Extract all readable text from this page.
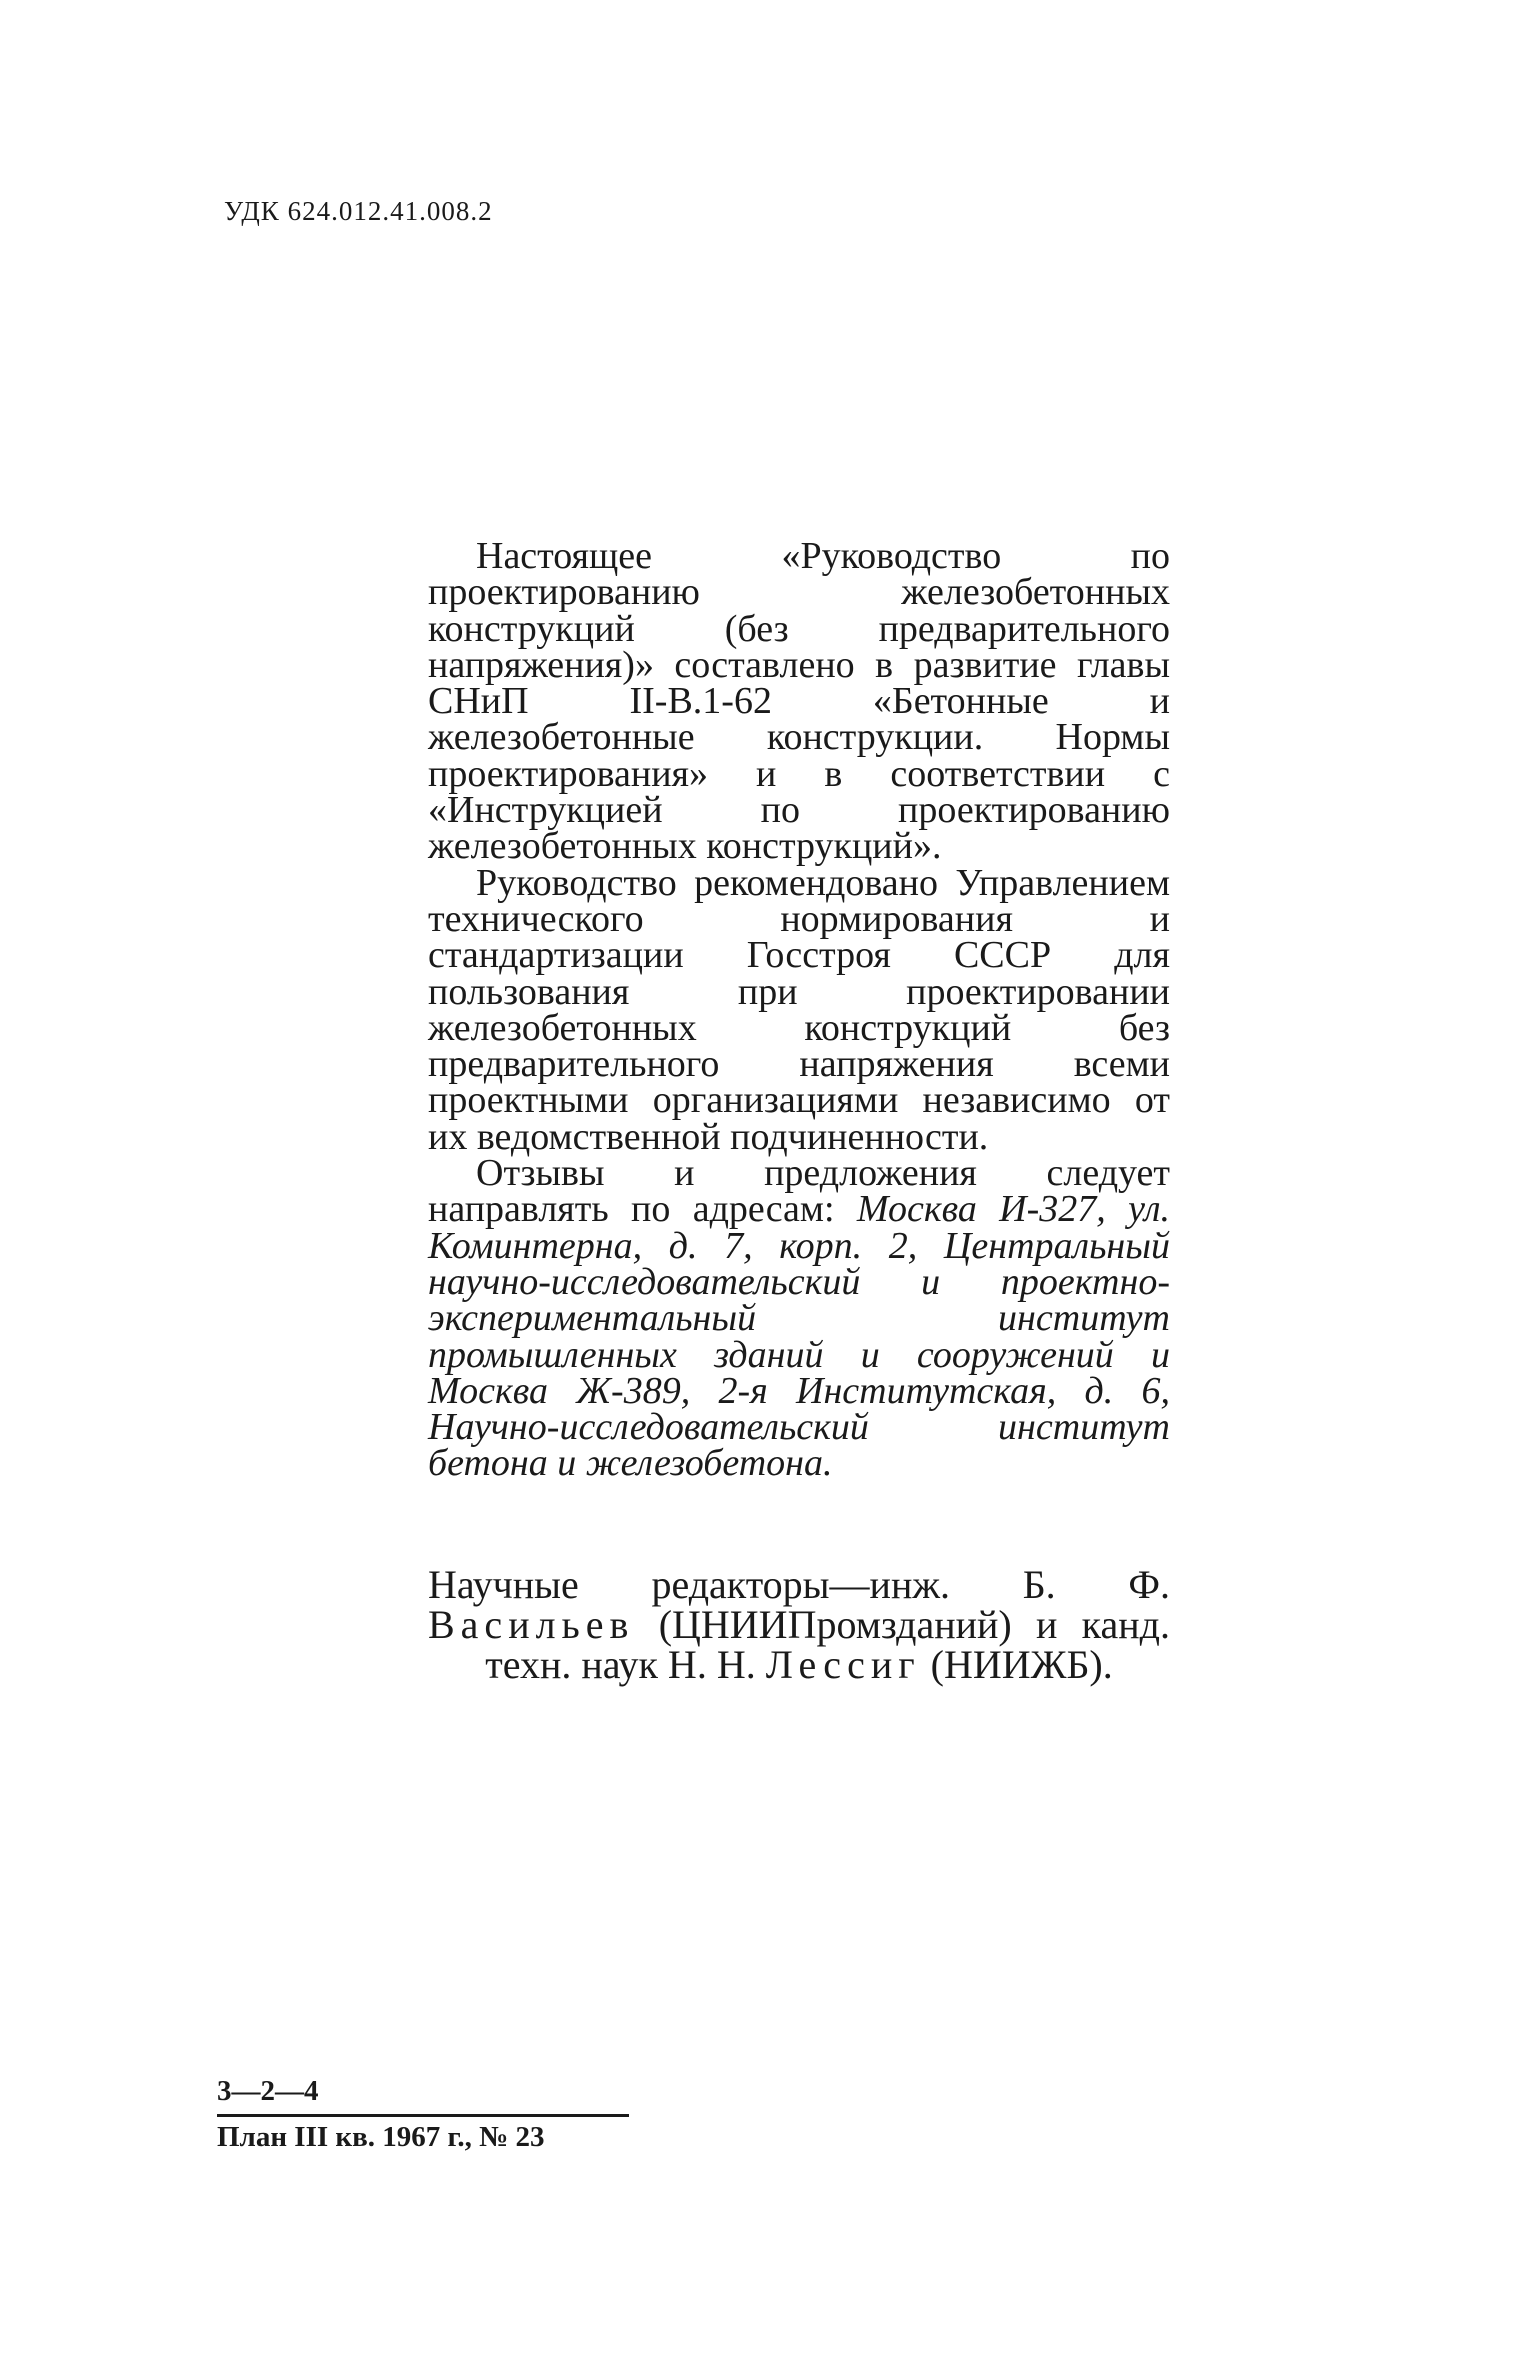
УДК 624.012.41.008.2

Настоящее «Руководство по проектированию железобетонных конструкций (без предварительного напряжения)» составлено в развитие главы СНиП II-В.1-62 «Бетонные и железобетонные конструкции. Нормы проектирования» и в соответствии с «Инструкцией по проектированию железобетонных конструкций».

Руководство рекомендовано Управлением технического нормирования и стандартизации Госстроя СССР для пользования при проектировании железобетонных конструкций без предварительного напряжения всеми проектными организациями независимо от их ведомственной подчиненности.

Отзывы и предложения следует направлять по адресам: Москва И-327, ул. Коминтерна, д. 7, корп. 2, Центральный научно-исследовательский и проектно-экспериментальный институт промышленных зданий и сооружений и Москва Ж-389, 2-я Институтская, д. 6, Научно-исследовательский институт бетона и железобетона.

Научные редакторы—инж. Б. Ф. Васильев (ЦНИИПромзданий) и канд. техн. наук Н. Н. Лессиг (НИИЖБ).
3—2—4
План III кв. 1967 г., № 23
